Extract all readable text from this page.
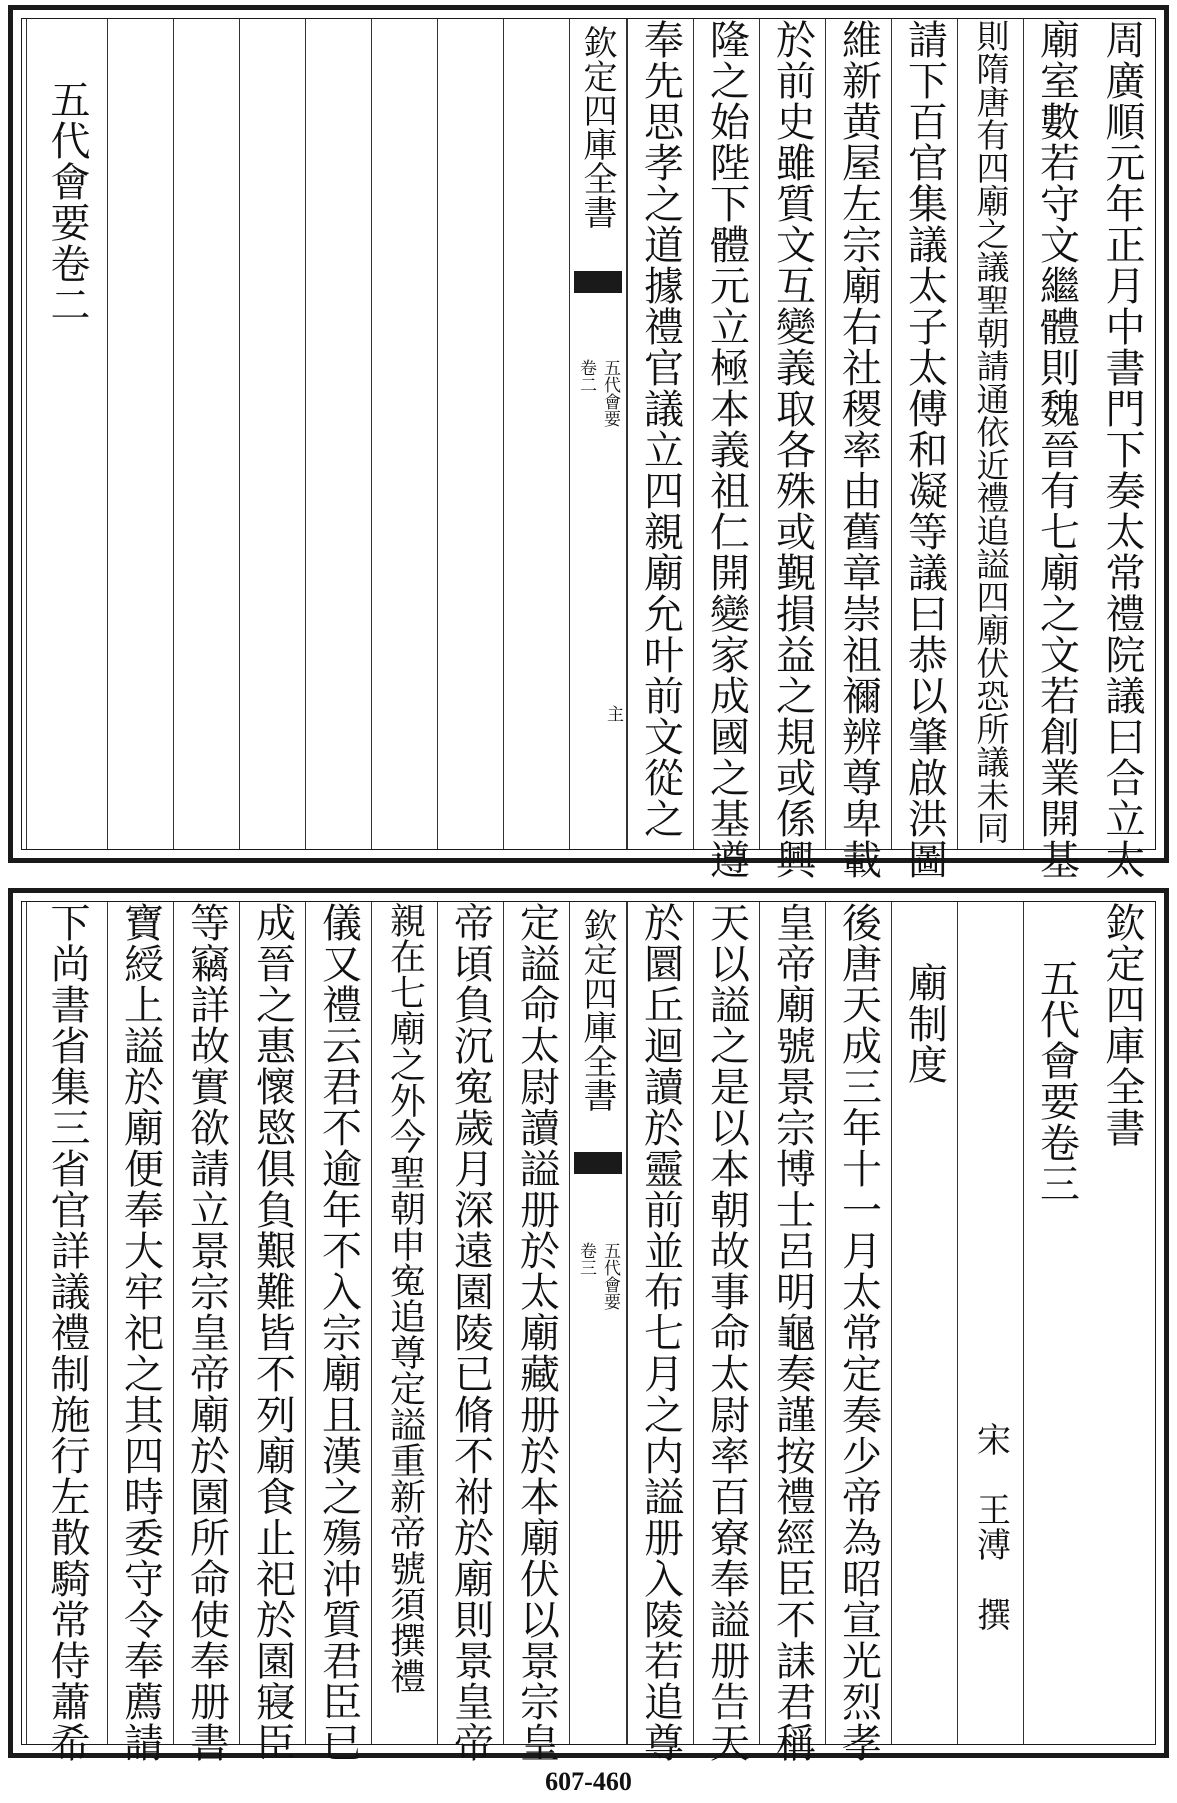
周廣順元年正月中書門下奏太常禮院議曰合立太
廟室數若守文繼體則魏晉有七廟之文若創業開基
則隋唐有四廟之議聖朝請通依近禮追謚四廟伏恐所議未同
請下百官集議太子太傅和凝等議曰恭以肇啟洪圖
維新黄屋左宗廟右社稷率由舊章崇祖禰辨尊卑載
於前史雖質文互變義取各殊或覲損益之規或係興
隆之始陛下體元立極本義祖仁開變家成國之基遵
奉先思孝之道據禮官議立四親廟允叶前文從之
欽定四庫全書
五代會要
卷二
主
五代會要卷二
欽定四庫全書
五代會要卷三
宋　王溥　撰
廟制度
後唐天成三年十一月太常定奏少帝為昭宣光烈孝
皇帝廟號景宗博士呂明龜奏謹按禮經臣不誄君稱
天以謚之是以本朝故事命太尉率百寮奉謚册告天
於圜丘迴讀於靈前並布七月之内謚册入陵若追尊
欽定四庫全書
五代會要
卷三
定謚命太尉讀謚册於太廟藏册於本廟伏以景宗皇
帝頃負沉寃歲月深遠園陵已脩不祔於廟則景皇帝
親在七廟之外今聖朝申寃追尊定謚重新帝號須撰禮
儀又禮云君不逾年不入宗廟且漢之殤沖質君臣已
成晉之惠懷愍俱負艱難皆不列廟食止祀於園寢臣
等竊詳故實欲請立景宗皇帝廟於園所命使奉册書
寶綬上謚於廟便奉大牢祀之其四時委守令奉薦請
下尚書省集三省官詳議禮制施行左散騎常侍蕭希
607-460
